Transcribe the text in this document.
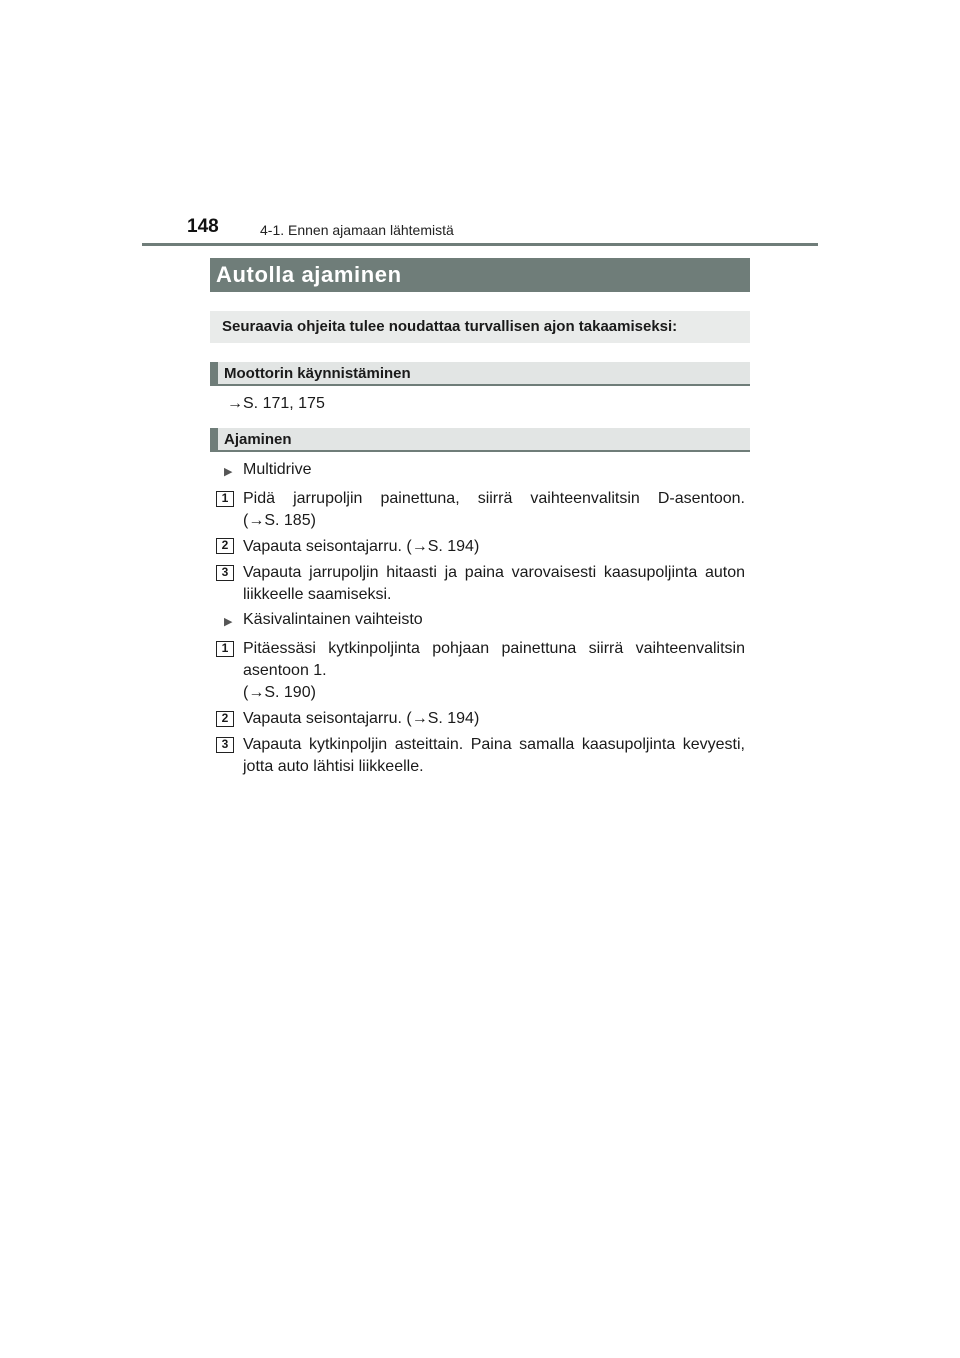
148	4-1. Ennen ajamaan lähtemistä
Autolla ajaminen
Seuraavia ohjeita tulee noudattaa turvallisen ajon takaamiseksi:
Moottorin käynnistäminen
→S. 171, 175
Ajaminen
▶ Multidrive
1 Pidä jarrupoljin painettuna, siirrä vaihteenvalitsin D-asentoon.
(→S. 185)
2 Vapauta seisontajarru. (→S. 194)
3 Vapauta jarrupoljin hitaasti ja paina varovaisesti kaasupoljinta auton
liikkeelle saamiseksi.
▶ Käsivalintainen vaihteisto
1 Pitäessäsi kytkinpoljinta pohjaan painettuna siirrä vaihteenvalitsin
asentoon 1.
(→S. 190)
2 Vapauta seisontajarru. (→S. 194)
3 Vapauta kytkinpoljin asteittain. Paina samalla kaasupoljinta kevyesti,
jotta auto lähtisi liikkeelle.
